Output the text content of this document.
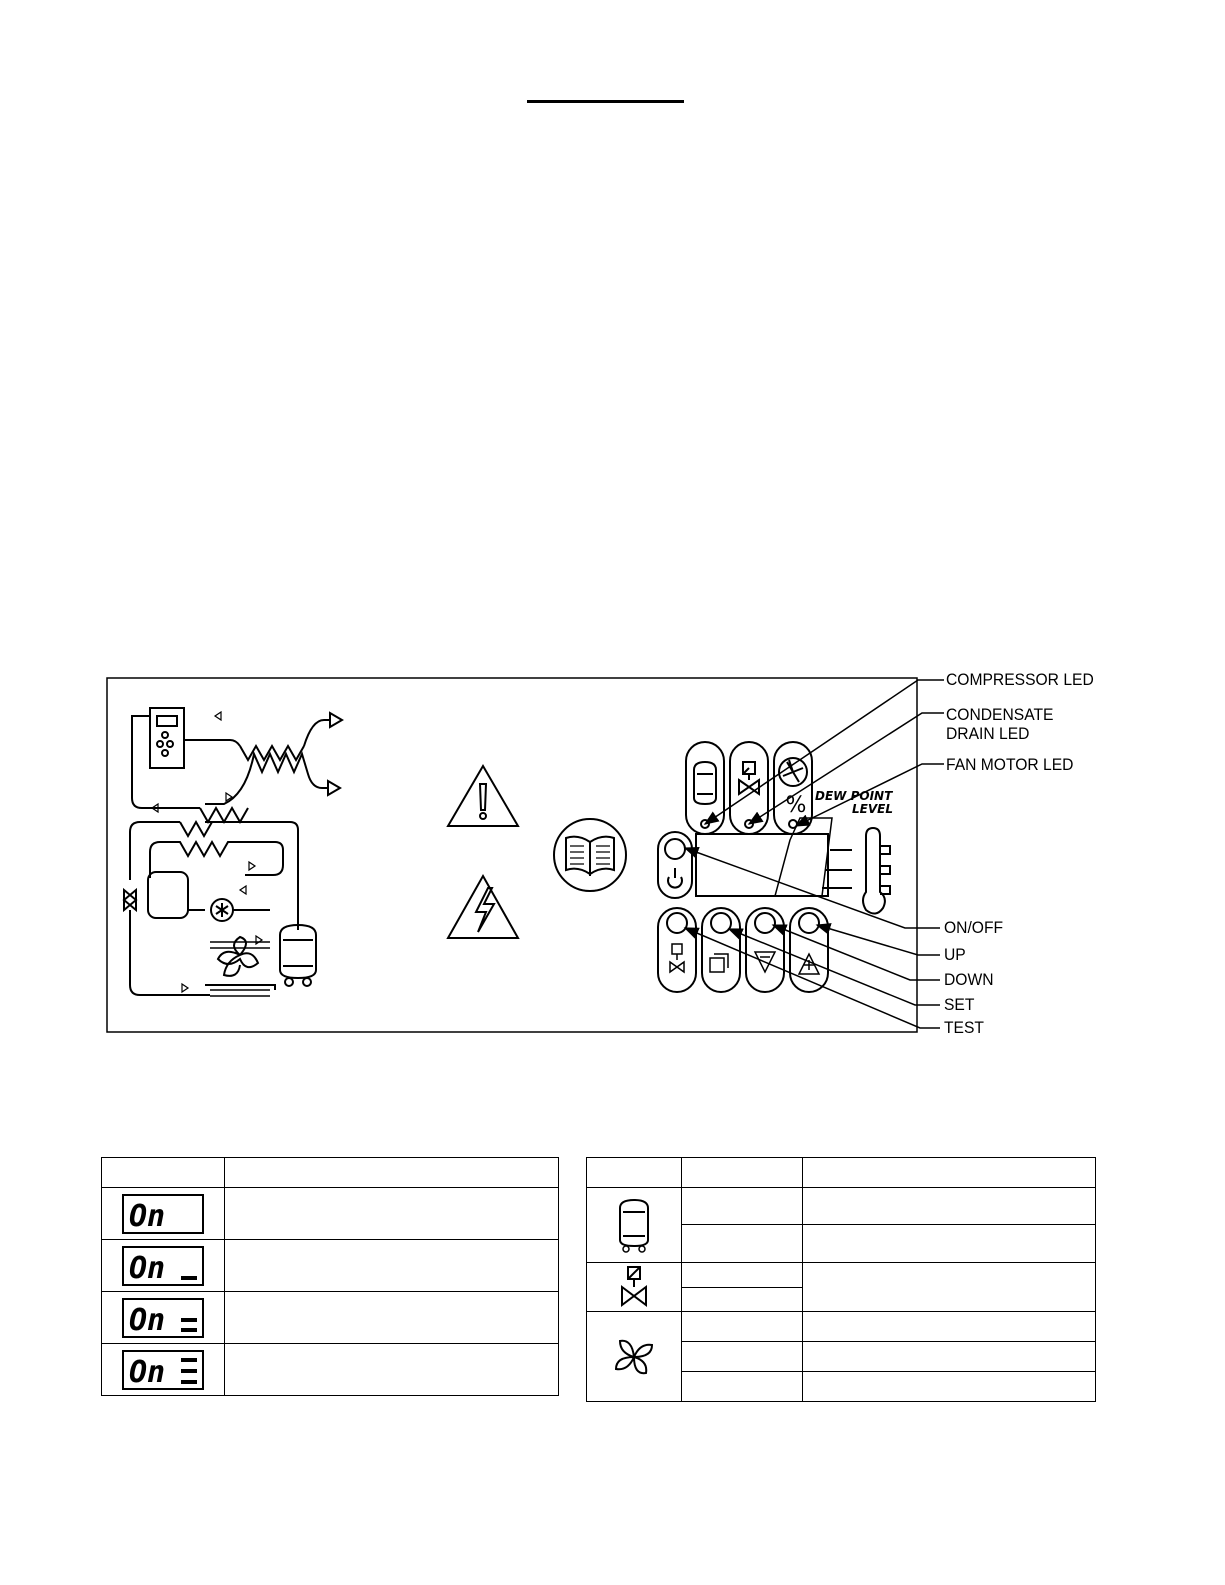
% DEW POINT
LEVEL
COMPRESSOR LED
CONDENSATE
DRAIN LED
FAN MOTOR LED
ON/OFF
UP
DOWN
SET
TEST

On	

On	

On	

On	
